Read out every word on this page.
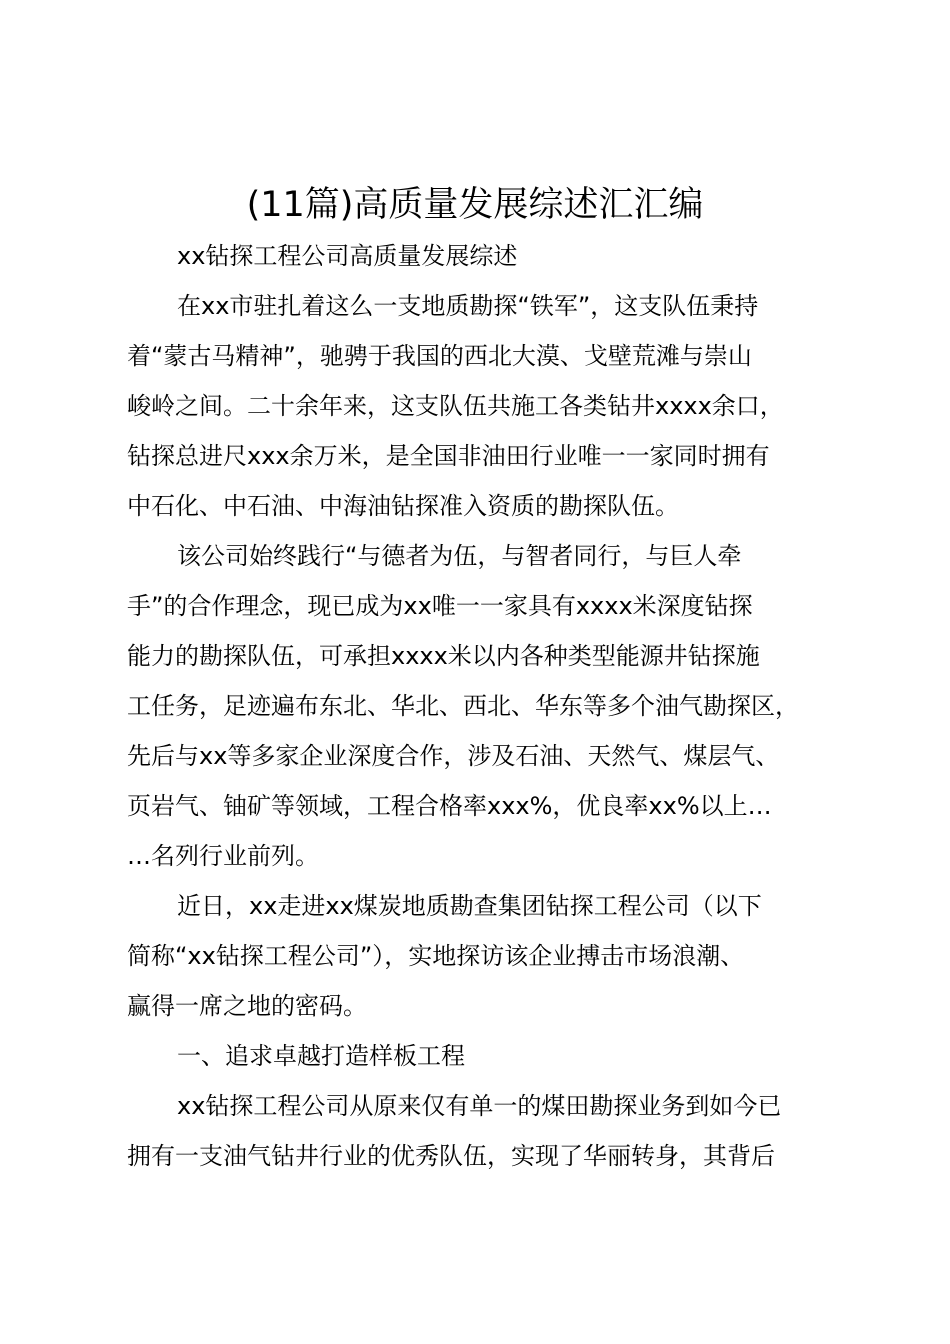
(11篇)高质量发展综述汇汇编
xx钻探工程公司高质量发展综述
在xx市驻扎着这么一支地质勘探“铁军”，这支队伍秉持
着“蒙古马精神”，驰骋于我国的西北大漠、戈壁荒滩与崇山
峻岭之间。二十余年来，这支队伍共施工各类钻井xxxx余口，
钻探总进尺xxx余万米，是全国非油田行业唯一一家同时拥有
中石化、中石油、中海油钻探准入资质的勘探队伍。
该公司始终践行“与德者为伍，与智者同行，与巨人牵
手”的合作理念，现已成为xx唯一一家具有xxxx米深度钻探
能力的勘探队伍，可承担xxxx米以内各种类型能源井钻探施
工任务，足迹遍布东北、华北、西北、华东等多个油气勘探区，
先后与xx等多家企业深度合作，涉及石油、天然气、煤层气、
页岩气、铀矿等领域，工程合格率xxx%，优良率xx%以上…
…名列行业前列。
近日，xx走进xx煤炭地质勘查集团钻探工程公司（以下
简称“xx钻探工程公司”），实地探访该企业搏击市场浪潮、
赢得一席之地的密码。
一、追求卓越打造样板工程
xx钻探工程公司从原来仅有单一的煤田勘探业务到如今已
拥有一支油气钻井行业的优秀队伍，实现了华丽转身，其背后
